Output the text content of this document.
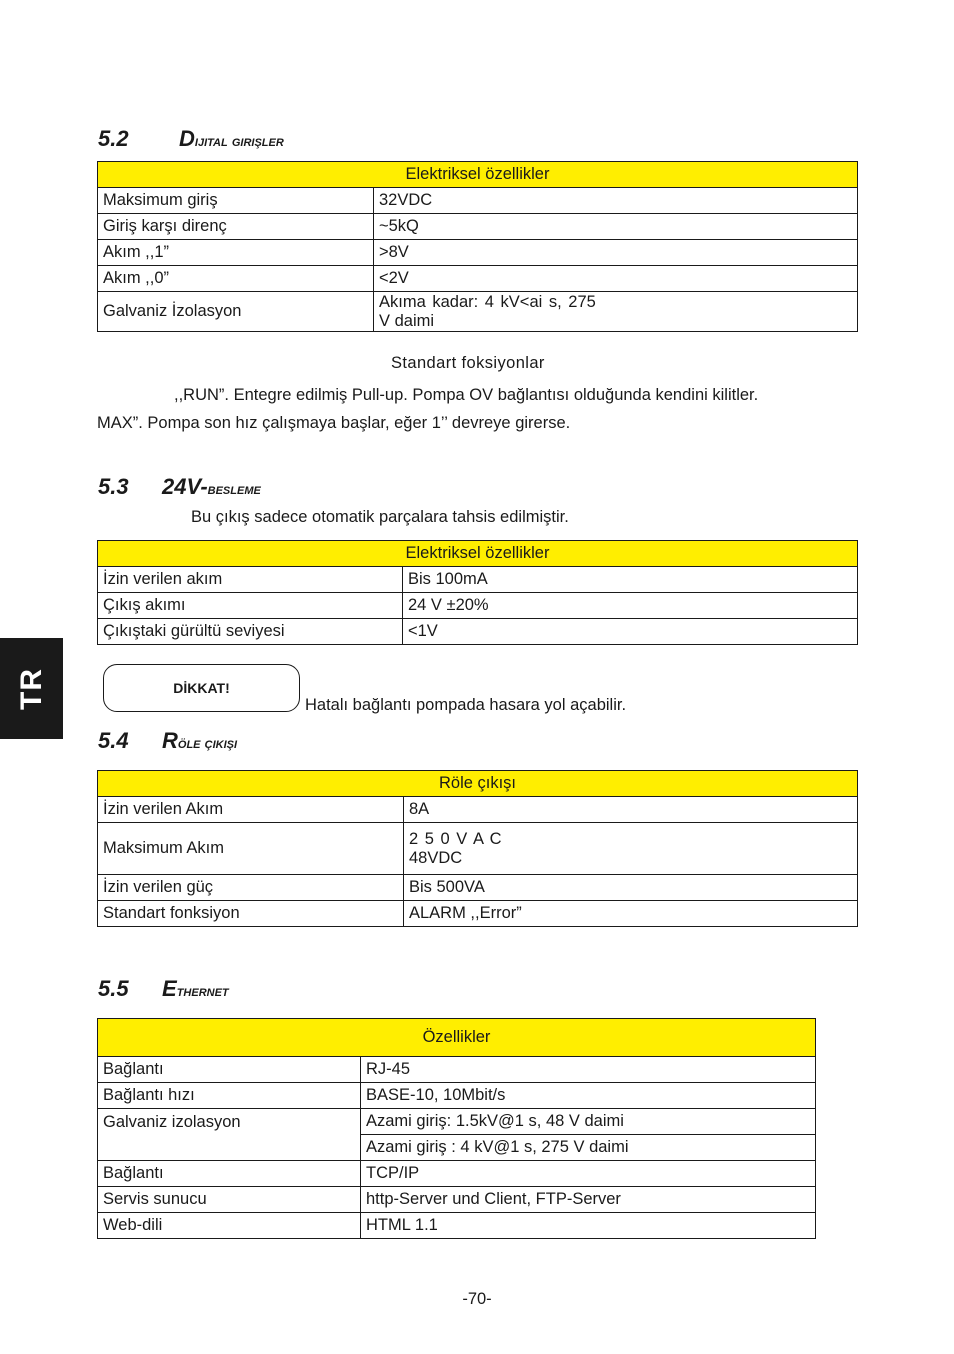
TR
5.2	Dijital girişler
Elektriksel özellikler	
Maksimum giriş	32VDC
Giriş karşı direnç	~5kQ
Akım ,,1”	>8V
Akım ,,0”	<2V
Galvaniz İzolasyon	Akıma kadar: 4 kV<ai s, 275
V daimi
Standart foksiyonlar
,,RUN”. Entegre edilmiş Pull-up. Pompa OV bağlantısı olduğunda kendini kilitler.
MAX”. Pompa son hız çalışmaya başlar, eğer 1’’ devreye girerse.
5.3	24V-besleme
Bu çıkış sadece otomatik parçalara tahsis edilmiştir.
Elektriksel özellikler	
İzin verilen akım	Bis 100mA
Çıkış akımı	24 V ±20%
Çıkıştaki gürültü seviyesi	<1V
DİKKAT!
Hatalı bağlantı pompada hasara yol açabilir.
5.4	Röle çıkışı
Röle çıkışı	
İzin verilen Akım	8A
Maksimum Akım	2 5 0 V A C
48VDC

İzin verilen güç	Bis 500VA
Standart fonksiyon	ALARM ,,Error”
5.5	Ethernet
Özellikler	
Bağlantı	RJ-45
Bağlantı hızı	BASE-10, 10Mbit/s
Galvaniz izolasyon	Azami giriş: 1.5kV@1 s, 48 V daimi
	Azami giriş : 4 kV@1 s, 275 V daimi
Bağlantı	TCP/IP
Servis sunucu	http-Server und Client, FTP-Server
Web-dili	HTML 1.1
-70-
